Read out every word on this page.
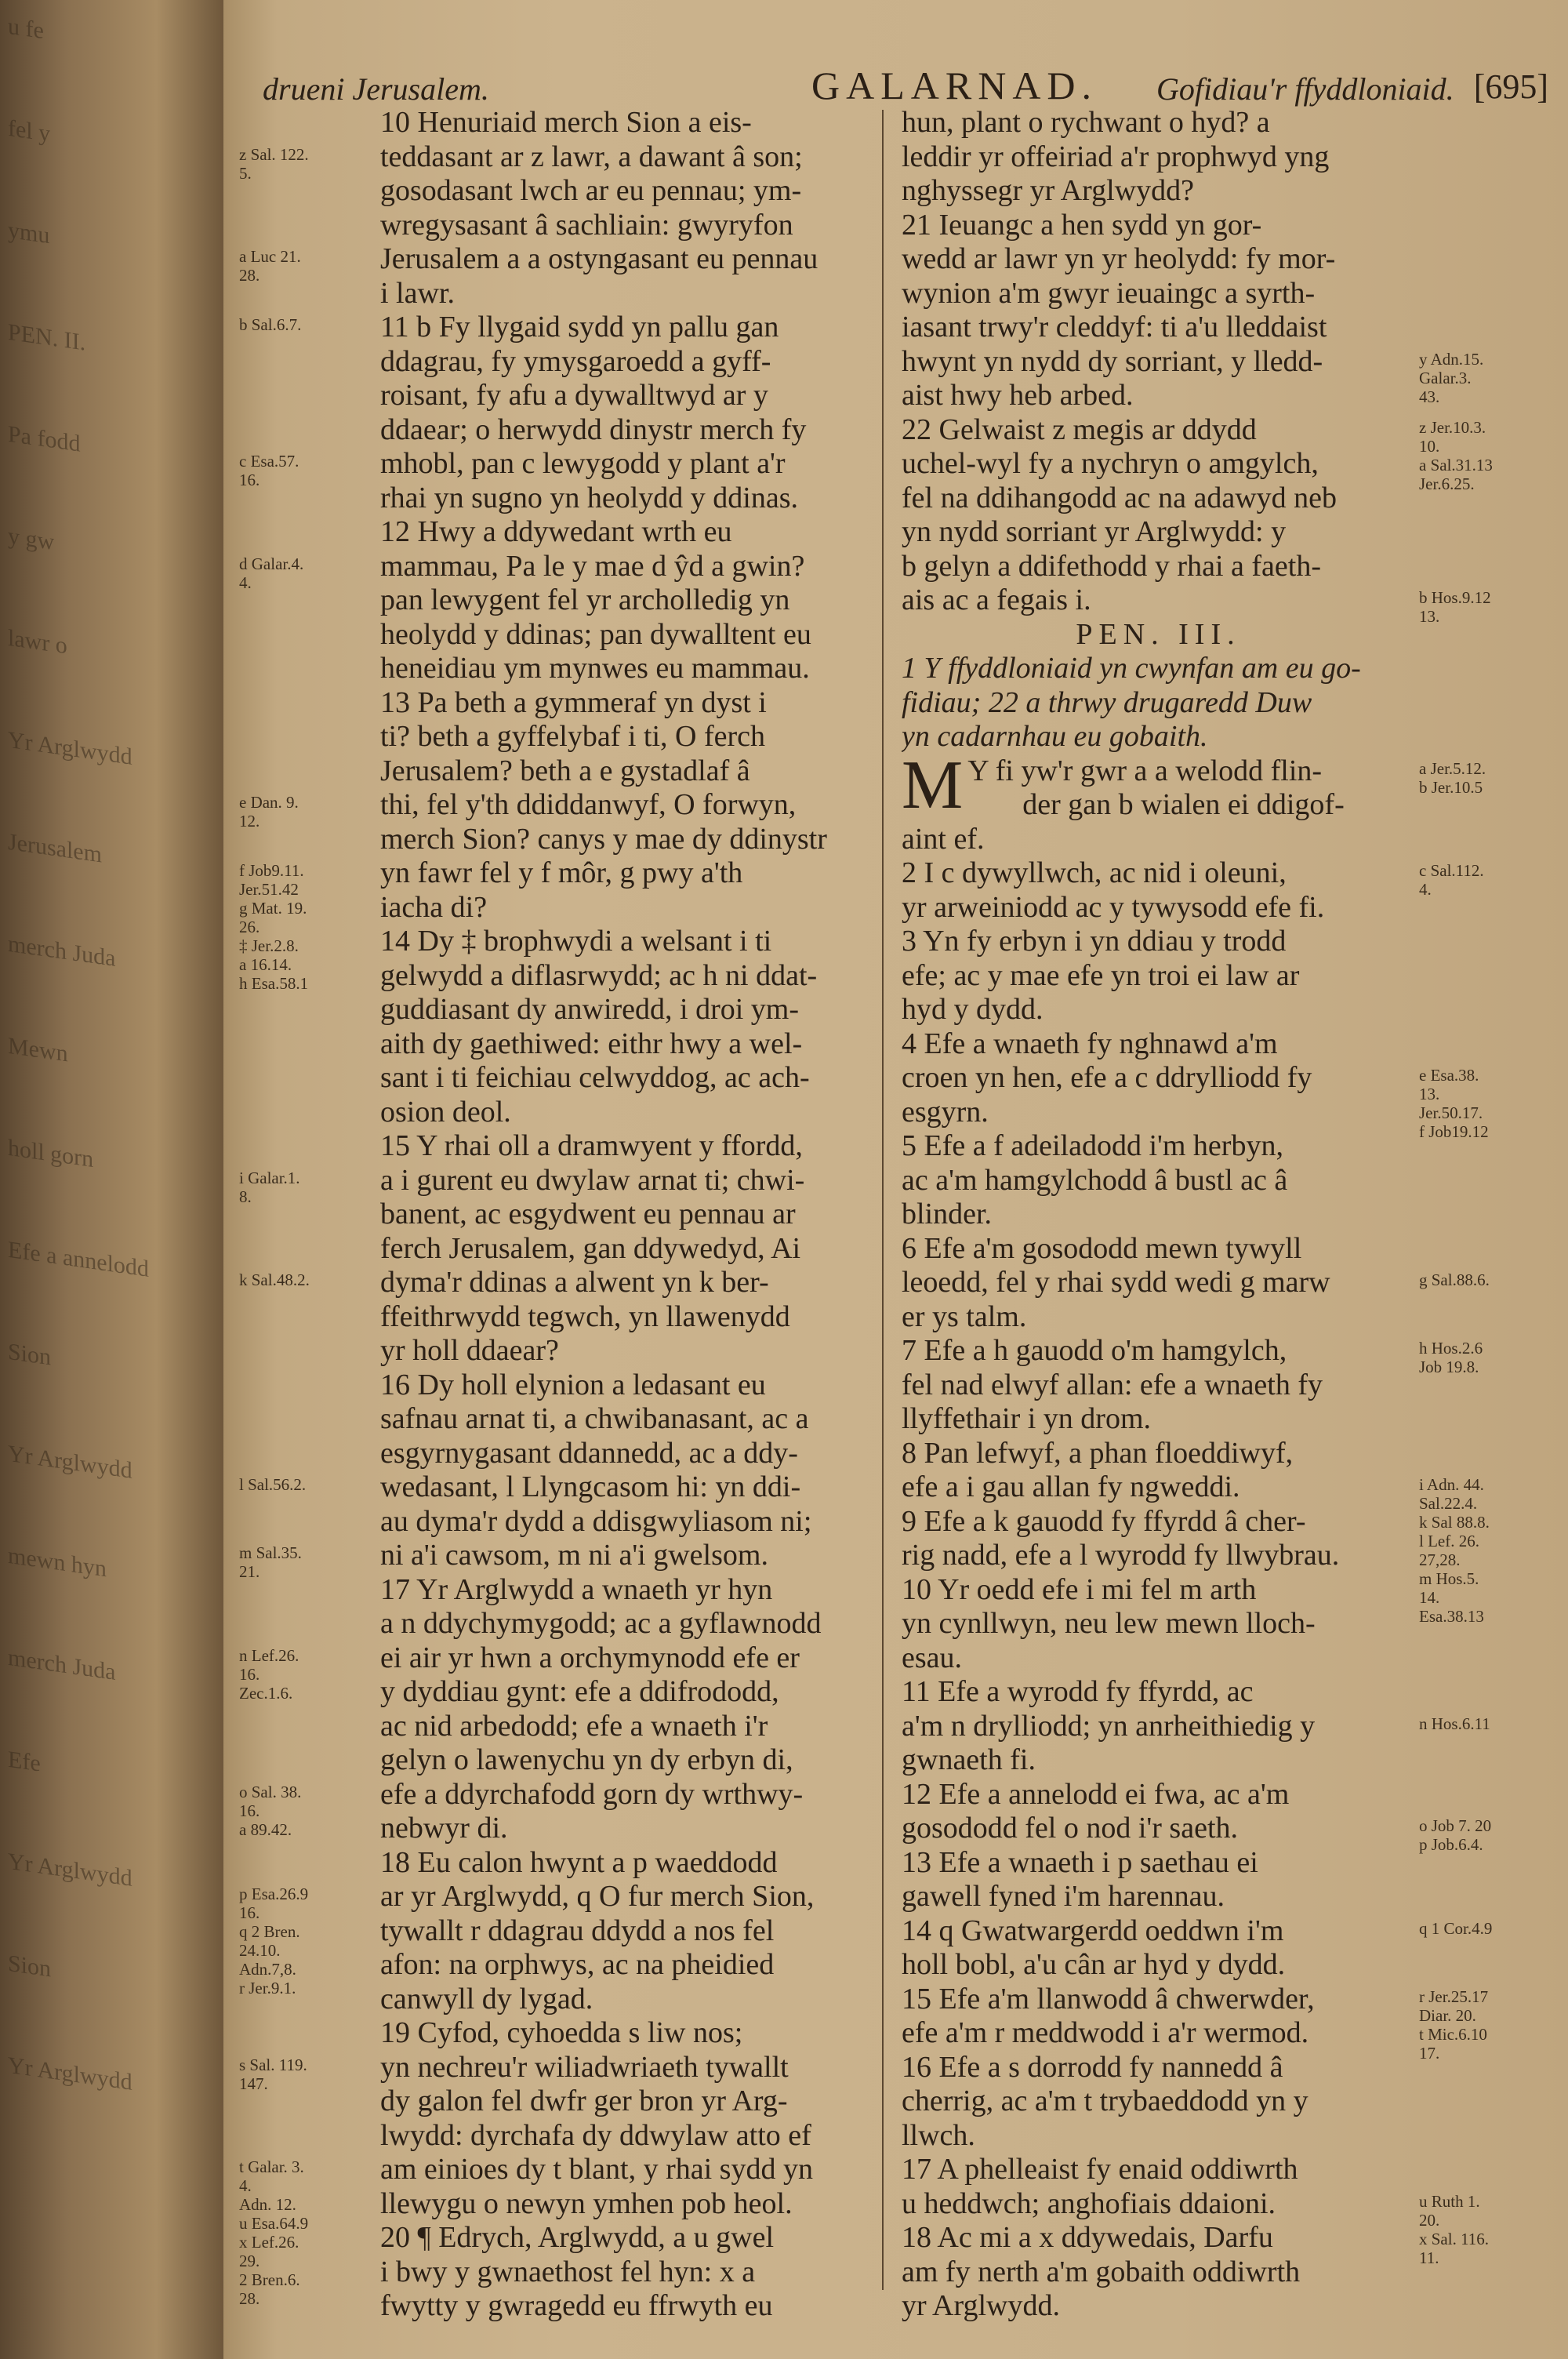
u fe
fel y
ymu
PEN. II.
Pa fodd
y gw
lawr o
Yr Arglwydd
Jerusalem
merch Juda
Mewn
holl gorn
Efe a annelodd
Sion
Yr Arglwydd
mewn hyn
merch Juda
Efe
Yr Arglwydd
Sion
Yr Arglwydd
drueni Jerusalem.	GALARNAD. Gofidiau'r ffyddloniaid. [695]
z Sal. 122.
5.
a Luc 21.
28.
b Sal.6.7.
c Esa.57.
16.
d Galar.4.
4.
e Dan. 9.
12.
f Job9.11.
Jer.51.42
g Mat. 19.
26.
‡ Jer.2.8.
a 16.14.
h Esa.58.1
i Galar.1.
8.
k Sal.48.2.
l Sal.56.2.
m Sal.35.
21.
n Lef.26.
16.
Zec.1.6.
o Sal. 38.
16.
a 89.42.
p Esa.26.9
16.
q 2 Bren.
24.10.
Adn.7,8.
r Jer.9.1.
s Sal. 119.
147.
t Galar. 3.
4.
Adn. 12.
u Esa.64.9
x Lef.26.
29.
2 Bren.6.
28.
10 Henuriaid merch Sion a eis-
teddasant ar z lawr, a dawant â son;
gosodasant lwch ar eu pennau; ym-
wregysasant â sachliain: gwyryfon
Jerusalem a a ostyngasant eu pennau
i lawr.
11 b Fy llygaid sydd yn pallu gan
ddagrau, fy ymysgaroedd a gyff-
roisant, fy afu a dywalltwyd ar y
ddaear; o herwydd dinystr merch fy
mhobl, pan c lewygodd y plant a'r
rhai yn sugno yn heolydd y ddinas.
12 Hwy a ddywedant wrth eu
mammau, Pa le y mae d ŷd a gwin?
pan lewygent fel yr archolledig yn
heolydd y ddinas; pan dywalltent eu
heneidiau ym mynwes eu mammau.
13 Pa beth a gymmeraf yn dyst i
ti? beth a gyffelybaf i ti, O ferch
Jerusalem? beth a e gystadlaf â
thi, fel y'th ddiddanwyf, O forwyn,
merch Sion? canys y mae dy ddinystr
yn fawr fel y f môr, g pwy a'th
iacha di?
14 Dy ‡ brophwydi a welsant i ti
gelwydd a diflasrwydd; ac h ni ddat-
guddiasant dy anwiredd, i droi ym-
aith dy gaethiwed: eithr hwy a wel-
sant i ti feichiau celwyddog, ac ach-
osion deol.
15 Y rhai oll a dramwyent y ffordd,
a i gurent eu dwylaw arnat ti; chwi-
banent, ac esgydwent eu pennau ar
ferch Jerusalem, gan ddywedyd, Ai
dyma'r ddinas a alwent yn k ber-
ffeithrwydd tegwch, yn llawenydd
yr holl ddaear?
16 Dy holl elynion a ledasant eu
safnau arnat ti, a chwibanasant, ac a
esgyrnygasant ddannedd, ac a ddy-
wedasant, l Llyngcasom hi: yn ddi-
au dyma'r dydd a ddisgwyliasom ni;
ni a'i cawsom, m ni a'i gwelsom.
17 Yr Arglwydd a wnaeth yr hyn
a n ddychymygodd; ac a gyflawnodd
ei air yr hwn a orchymynodd efe er
y dyddiau gynt: efe a ddifrododd,
ac nid arbedodd; efe a wnaeth i'r
gelyn o lawenychu yn dy erbyn di,
efe a ddyrchafodd gorn dy wrthwy-
nebwyr di.
18 Eu calon hwynt a p waeddodd
ar yr Arglwydd, q O fur merch Sion,
tywallt r ddagrau ddydd a nos fel
afon: na orphwys, ac na pheidied
canwyll dy lygad.
19 Cyfod, cyhoedda s liw nos;
yn nechreu'r wiliadwriaeth tywallt
dy galon fel dwfr ger bron yr Arg-
lwydd: dyrchafa dy ddwylaw atto ef
am einioes dy t blant, y rhai sydd yn
llewygu o newyn ymhen pob heol.
20 ¶ Edrych, Arglwydd, a u gwel
i bwy y gwnaethost fel hyn: x a
fwytty y gwragedd eu ffrwyth eu
hun, plant o rychwant o hyd? a
leddir yr offeiriad a'r prophwyd yng
nghyssegr yr Arglwydd?
21 Ieuangc a hen sydd yn gor-
wedd ar lawr yn yr heolydd: fy mor-
wynion a'm gwyr ieuaingc a syrth-
iasant trwy'r cleddyf: ti a'u lleddaist
hwynt yn nydd dy sorriant, y lledd-
aist hwy heb arbed.
22 Gelwaist z megis ar ddydd
uchel-wyl fy a nychryn o amgylch,
fel na ddihangodd ac na adawyd neb
yn nydd sorriant yr Arglwydd: y
b gelyn a ddifethodd y rhai a faeth-
ais ac a fegais i.
PEN. III.
1 Y ffyddloniaid yn cwynfan am eu go-
fidiau; 22 a thrwy drugaredd Duw
yn cadarnhau eu gobaith.
M Y fi yw'r gwr a a welodd flin-
der gan b wialen ei ddigof-
aint ef.
2 I c dywyllwch, ac nid i oleuni,
yr arweiniodd ac y tywysodd efe fi.
3 Yn fy erbyn i yn ddiau y trodd
efe; ac y mae efe yn troi ei law ar
hyd y dydd.
4 Efe a wnaeth fy nghnawd a'm
croen yn hen, efe a c ddrylliodd fy
esgyrn.
5 Efe a f adeiladodd i'm herbyn,
ac a'm hamgylchodd â bustl ac â
blinder.
6 Efe a'm gosododd mewn tywyll
leoedd, fel y rhai sydd wedi g marw
er ys talm.
7 Efe a h gauodd o'm hamgylch,
fel nad elwyf allan: efe a wnaeth fy
llyffethair i yn drom.
8 Pan lefwyf, a phan floeddiwyf,
efe a i gau allan fy ngweddi.
9 Efe a k gauodd fy ffyrdd â cher-
rig nadd, efe a l wyrodd fy llwybrau.
10 Yr oedd efe i mi fel m arth
yn cynllwyn, neu lew mewn lloch-
esau.
11 Efe a wyrodd fy ffyrdd, ac
a'm n drylliodd; yn anrheithiedig y
gwnaeth fi.
12 Efe a annelodd ei fwa, ac a'm
gosododd fel o nod i'r saeth.
13 Efe a wnaeth i p saethau ei
gawell fyned i'm harennau.
14 q Gwatwargerdd oeddwn i'm
holl bobl, a'u cân ar hyd y dydd.
15 Efe a'm llanwodd â chwerwder,
efe a'm r meddwodd i a'r wermod.
16 Efe a s dorrodd fy nannedd â
cherrig, ac a'm t trybaeddodd yn y
llwch.
17 A phelleaist fy enaid oddiwrth
u heddwch; anghofiais ddaioni.
18 Ac mi a x ddywedais, Darfu
am fy nerth a'm gobaith oddiwrth
yr Arglwydd.
y Adn.15.
Galar.3.
43.
z Jer.10.3.
10.
a Sal.31.13
Jer.6.25.
b Hos.9.12
13.
a Jer.5.12.
b Jer.10.5
c Sal.112.
4.
e Esa.38.
13.
Jer.50.17.
f Job19.12
g Sal.88.6.
h Hos.2.6
Job 19.8.
i Adn. 44.
Sal.22.4.
k Sal 88.8.
l Lef. 26.
27,28.
m Hos.5.
14.
Esa.38.13
n Hos.6.11
o Job 7. 20
p Job.6.4.
q 1 Cor.4.9
r Jer.25.17
Diar. 20.
t Mic.6.10
17.
u Ruth 1.
20.
x Sal. 116.
11.
